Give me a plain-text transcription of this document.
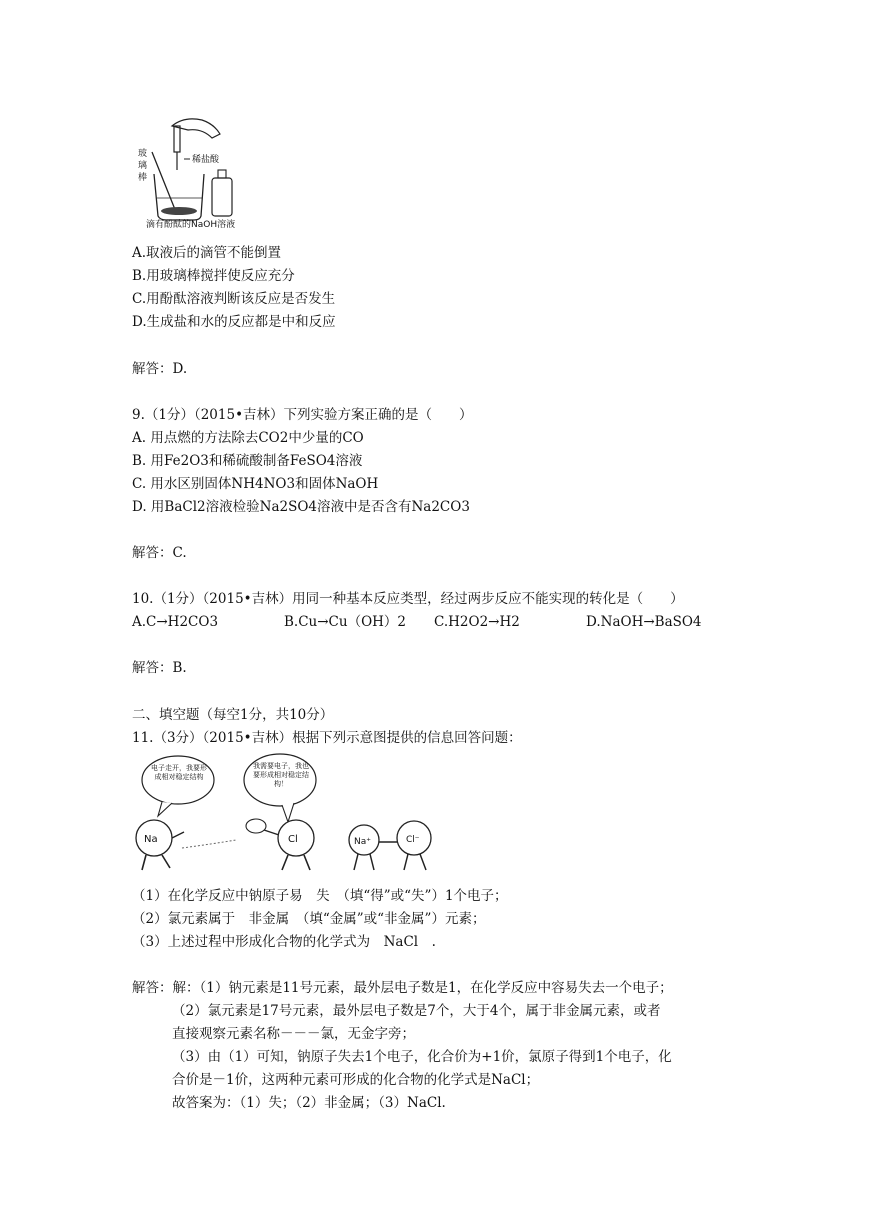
玻
璃
棒
稀盐酸
滴有酚酞的NaOH溶液
A.取液后的滴管不能倒置
B.用玻璃棒搅拌使反应充分
C.用酚酞溶液判断该反应是否发生
D.生成盐和水的反应都是中和反应
解答：D.
9.（1分）（2015•吉林）下列实验方案正确的是（　　）
A. 用点燃的方法除去CO2中少量的CO
B. 用Fe2O3和稀硫酸制备FeSO4溶液
C. 用水区别固体NH4NO3和固体NaOH
D. 用BaCl2溶液检验Na2SO4溶液中是否含有Na2CO3
解答：C.
10.（1分）（2015•吉林）用同一种基本反应类型，经过两步反应不能实现的转化是（　　）
A.C→H2CO3	B.Cu→Cu（OH）2 C.H2O2→H2	D.NaOH→BaSO4
解答：B.
二、填空题（每空1分，共10分）
11.（3分）（2015•吉林）根据下列示意图提供的信息回答问题：
电子走开，我要形成相对稳定结构
我需要电子，我也要形成相对稳定结构！
Na	Cl	Na⁺	Cl⁻
（1）在化学反应中钠原子易　失　（填“得”或“失”）1个电子；
（2）氯元素属于　非金属　（填“金属”或“非金属”）元素；
（3）上述过程中形成化合物的化学式为　NaCl　.
解答：解：（1）钠元素是11号元素，最外层电子数是1，在化学反应中容易失去一个电子；
（2）氯元素是17号元素，最外层电子数是7个，大于4个，属于非金属元素，或者
直接观察元素名称－－－氯，无金字旁；
（3）由（1）可知，钠原子失去1个电子，化合价为+1价，氯原子得到1个电子，化
合价是－1价，这两种元素可形成的化合物的化学式是NaCl；
故答案为：（1）失；（2）非金属；（3）NaCl.
